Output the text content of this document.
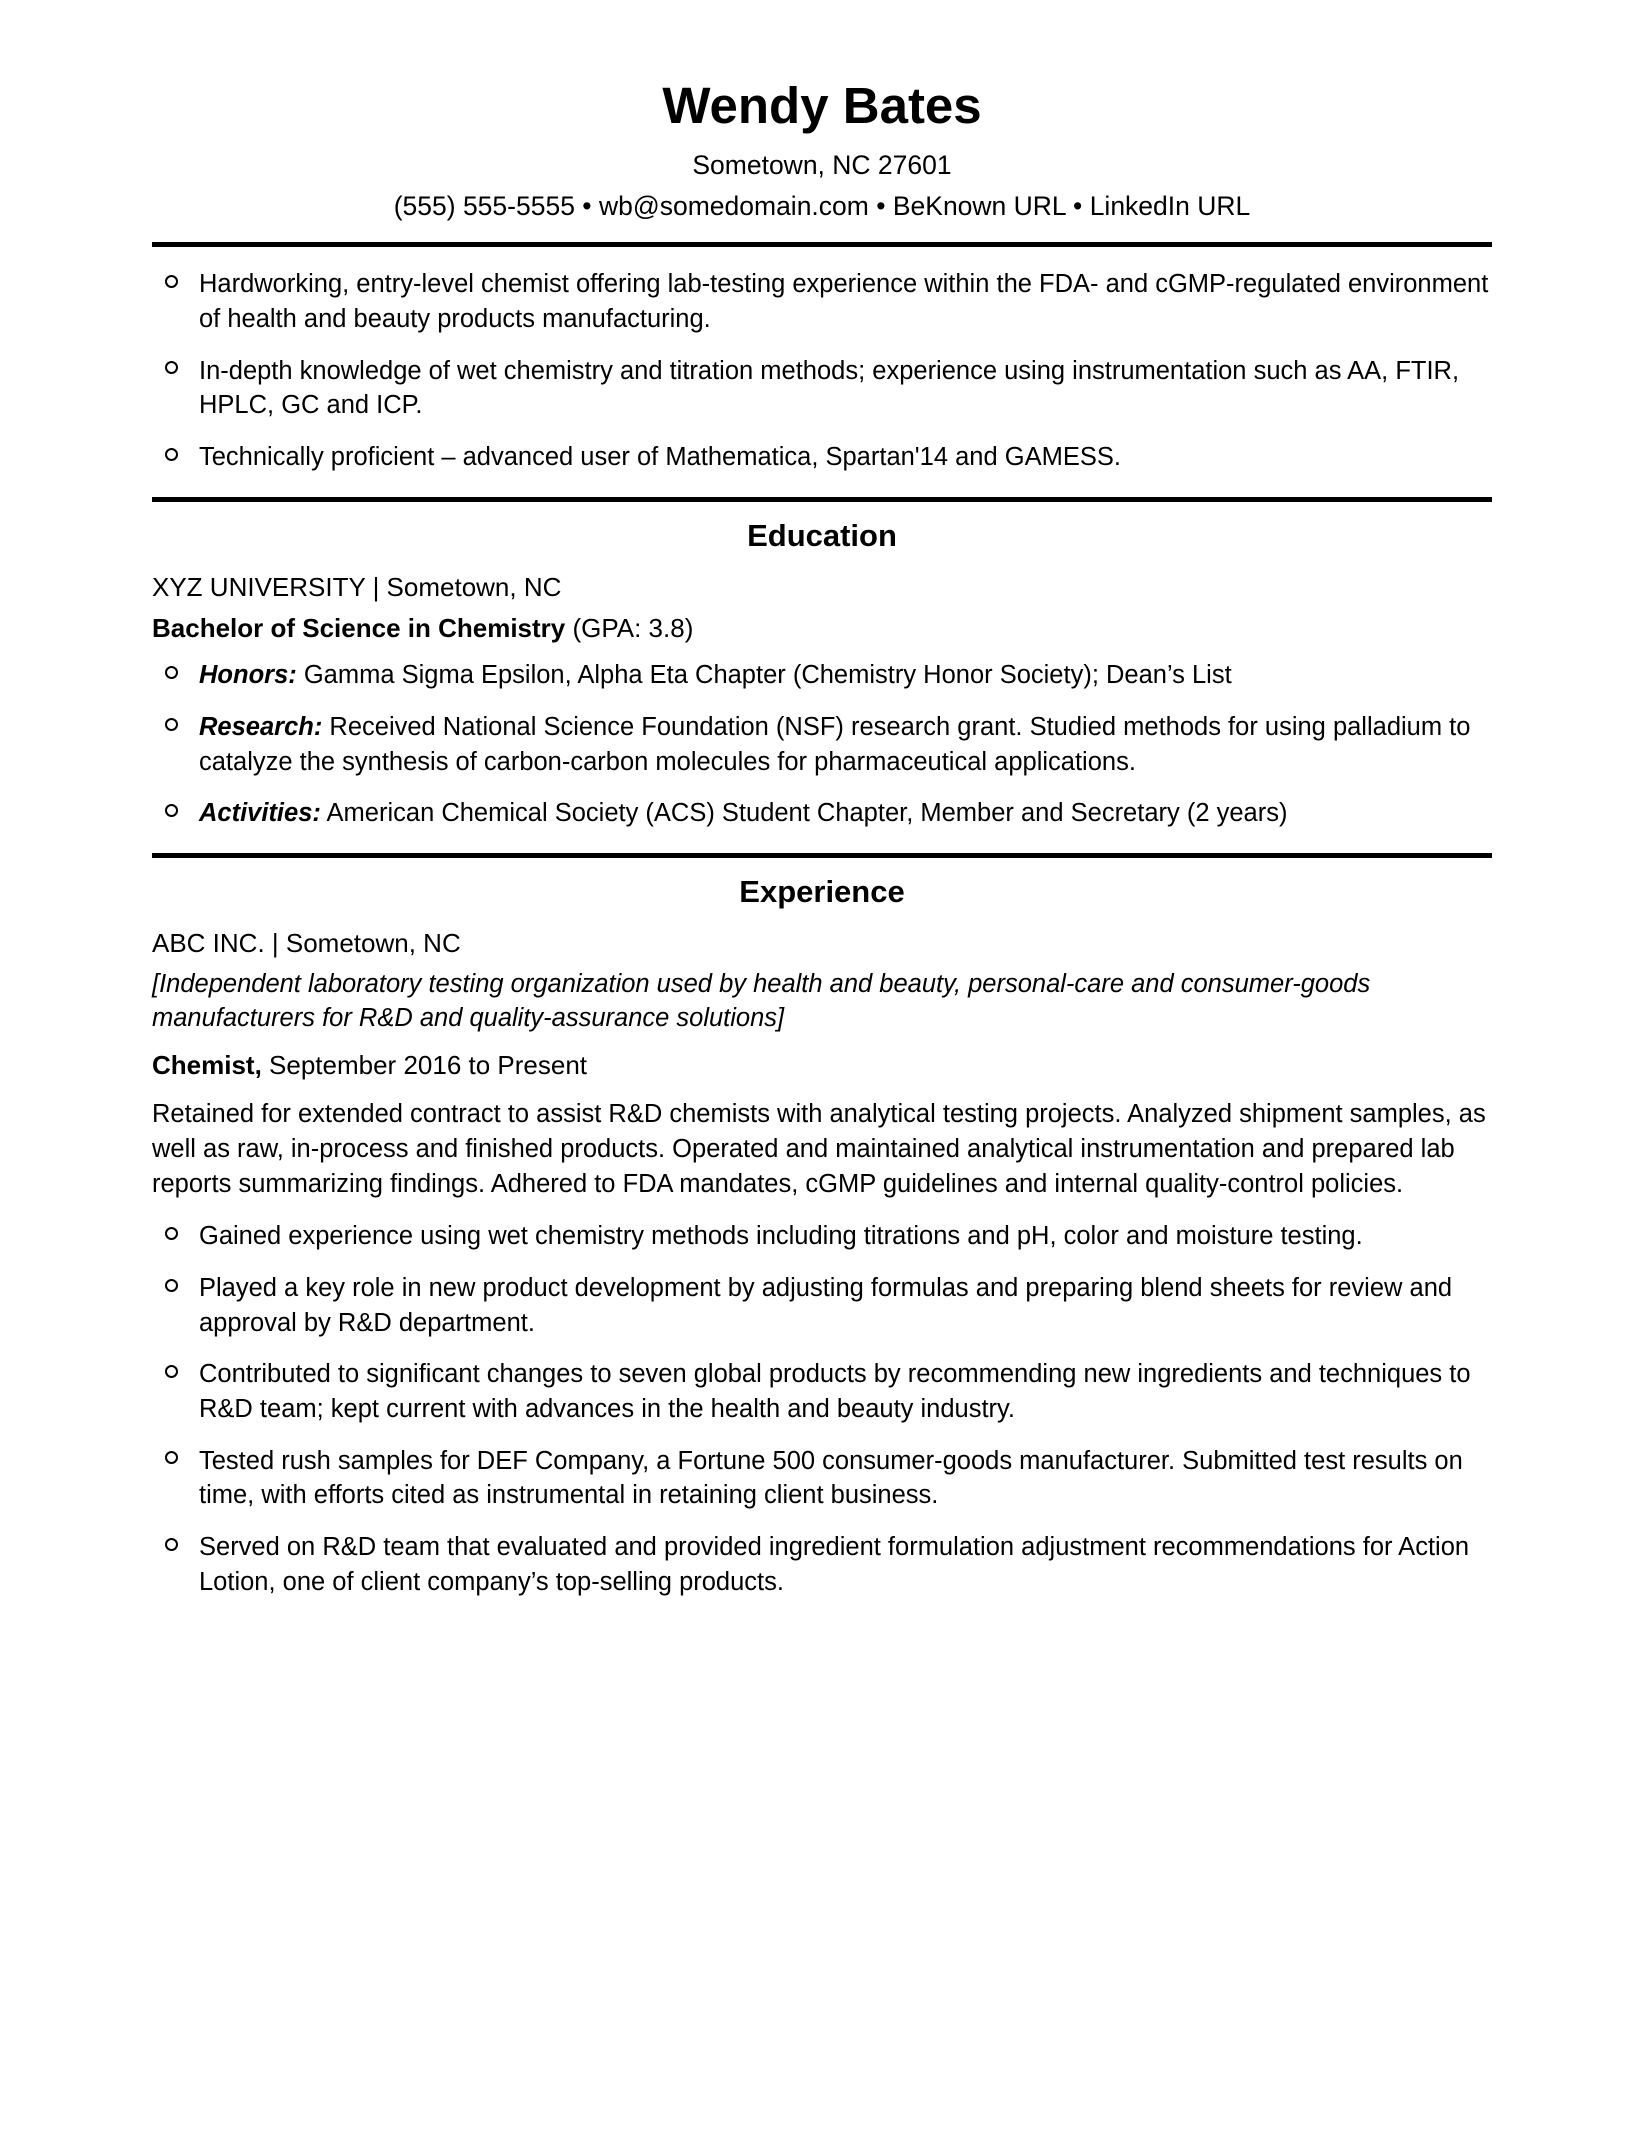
Wendy Bates
Sometown, NC 27601
(555) 555-5555 • wb@somedomain.com • BeKnown URL • LinkedIn URL
Hardworking, entry-level chemist offering lab-testing experience within the FDA- and cGMP-regulated environment of health and beauty products manufacturing.
In-depth knowledge of wet chemistry and titration methods; experience using instrumentation such as AA, FTIR, HPLC, GC and ICP.
Technically proficient – advanced user of Mathematica, Spartan'14 and GAMESS.
Education
XYZ UNIVERSITY | Sometown, NC
Bachelor of Science in Chemistry (GPA: 3.8)
Honors: Gamma Sigma Epsilon, Alpha Eta Chapter (Chemistry Honor Society); Dean’s List
Research: Received National Science Foundation (NSF) research grant. Studied methods for using palladium to catalyze the synthesis of carbon-carbon molecules for pharmaceutical applications.
Activities: American Chemical Society (ACS) Student Chapter, Member and Secretary (2 years)
Experience
ABC INC. | Sometown, NC
[Independent laboratory testing organization used by health and beauty, personal-care and consumer-goods manufacturers for R&D and quality-assurance solutions]
Chemist, September 2016 to Present
Retained for extended contract to assist R&D chemists with analytical testing projects. Analyzed shipment samples, as well as raw, in-process and finished products. Operated and maintained analytical instrumentation and prepared lab reports summarizing findings. Adhered to FDA mandates, cGMP guidelines and internal quality-control policies.
Gained experience using wet chemistry methods including titrations and pH, color and moisture testing.
Played a key role in new product development by adjusting formulas and preparing blend sheets for review and approval by R&D department.
Contributed to significant changes to seven global products by recommending new ingredients and techniques to R&D team; kept current with advances in the health and beauty industry.
Tested rush samples for DEF Company, a Fortune 500 consumer-goods manufacturer. Submitted test results on time, with efforts cited as instrumental in retaining client business.
Served on R&D team that evaluated and provided ingredient formulation adjustment recommendations for Action Lotion, one of client company’s top-selling products.
